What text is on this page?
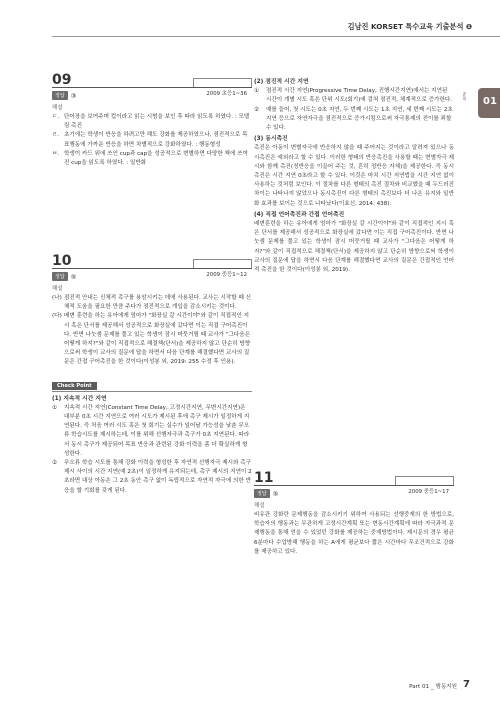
김남진 KORSET 특수교육 기출분석 ❶
PART 01
09
2009 초등1~36
정답 ③
해설
ㄷ. 단어장을 보여주며 컵이라고 읽는 시범을 보인 후 따라 읽도록 하였다. : 모델링 촉진
ㄹ. 초기에는 학생이 반응을 하려고만 해도 강화를 제공하였으나, 점진적으로 목표행동에 가까운 반응을 하면 차별적으로 강화하였다. : 행동형성
ㅂ. 학생이 카드 위에 쓰인 cup과 cap을 성공적으로 변별하면 다양한 책에 쓰여진 cup을 읽도록 하였다. : 일반화
10
2009 중등1~12
정답 ⑤
해설
(나) 점진적 안내는 신체적 촉구를 용암시키는 데에 사용된다. 교사는 시작할 때 신체적 도움을 필요한 만큼 주다가 점진적으로 개입을 감소시키는 것이다.
(다) 배변 훈련을 하는 유아에게 엄마가 "화장실 갈 시간이야"와 같이 직접적인 지시 혹은 단서를 제공해서 성공적으로 화장실에 갔다면 이는 직접 구어촉진이다. 반면 나눗셈 문제를 풀고 있는 학생이 잠시 머뭇거릴 때 교사가 "그다음은 어떻게 하지?"와 같이 직접적으로 해결책(단서)을 제공하지 않고 단순히 방향으로써 학생이 교사의 질문에 답을 하면서 다음 단계를 해결했다면 교사의 질문은 간접 구어촉진을 한 것이다(이성봉 외, 2019: 255 수정 후 인용).
Check Point
(1) 지속적 시간 지연
①	지속적 시간 지연(Constant Time Delay, 고정시간지연, 무변시간지연)은 대부분 0초 시간 지연으로 여러 시도가 제시된 후에 촉구 제시가 일정하게 지연된다. 즉 처음 여러 시도 혹은 첫 회기는 실수가 일어날 가능성을 낮춘 무오류 학습시도를 제시하는데, 이를 위해 선행자극과 촉구가 0초 지연된다. 따라서 동시 촉구가 제공되어 목표 반응과 관련된 강화 이력을 좀 더 확실하게 형성한다.
②	무오류 학습 시도를 통해 강화 이력을 형성한 후 자연적 선행자극 제시와 촉구 제시 사이의 시간 지연(예 2초)이 일정하게 유지되는데, 촉구 제시의 지연이 2초라면 대상 아동은 그 2초 동안 촉구 없이 독립적으로 자연적 자극에 의한 반응을 할 기회를 갖게 된다.
(2) 점진적 시간 지연
①	점진적 시간 지연(Progressive Time Delay, 진행시간지연)에서는 지연된 시간이 개별 시도 혹은 단위 시도(회기)에 걸쳐 점진적, 체계적으로 증가한다.
②	예를 들어, 첫 시도는 0초 지연, 두 번째 시도는 1초 지연, 세 번째 시도는 2초 지연 등으로 자연자극을 점진적으로 증가시킴으로써 자극통제의 전이를 꾀할 수 있다.
(3) 동시촉진
촉진은 아동이 변별자극에 반응하지 않을 때 주어지는 것이라고 알려져 있으나 동시촉진은 예외라고 할 수 있다. 이러한 형태의 반응촉진을 사용할 때는 변별자극 제시와 함께 촉진(정반응을 이끌어 주는 것, 흔히 정반응 자체)을 제공한다. 즉 동시촉진은 시간 지연 0초라고 할 수 있다. 이것은 마치 시간 지연법을 시간 지연 없이 사용하는 것처럼 보인다. 이 절차를 다른 형태의 촉진 절차와 비교했을 때 두드러진 차이는 나타나지 않았으나 동시촉진이 다른 형태의 촉진보다 더 나은 유지와 일반화 효과를 보이는 것으로 나타났다(이효신, 2014: 438).
(4) 직접 언어촉진과 간접 언어촉진
배변훈련을 하는 유아에게 엄마가 "화장실 갈 시간이야"와 같이 직접적인 지시 혹은 단서를 제공해서 성공적으로 화장실에 갔다면 이는 직접 구어촉진이다. 반면 나눗셈 문제를 풀고 있는 학생이 잠시 머뭇거릴 때 교사가 "그다음은 어떻게 하지?"와 같이 직접적으로 해결책(단서)을 제공하지 않고 단순히 방향으로써 학생이 교사의 질문에 답을 하면서 다음 단계를 해결했다면 교사의 질문은 간접적인 언어적 촉진을 한 것이다(이성봉 외, 2019).
11
2009 중등1~17
정답 ⑤
해설
비유관 강화란 문제행동을 감소시키기 위하여 사용되는 선행중재의 한 방법으로, 학습자의 행동과는 무관하게 고정시간계획 또는 변동시간계획에 따라 자극과적 문제행동을 통해 얻을 수 있었던 강화를 제공하는 중재방법이다. 제시문의 경우 평균 6분마다 수업방해 행동을 하는 A에게 평균보다 짧은 시간마다 무조건적으로 강화를 제공하고 있다.
Part 01 _ 행동지원 7
